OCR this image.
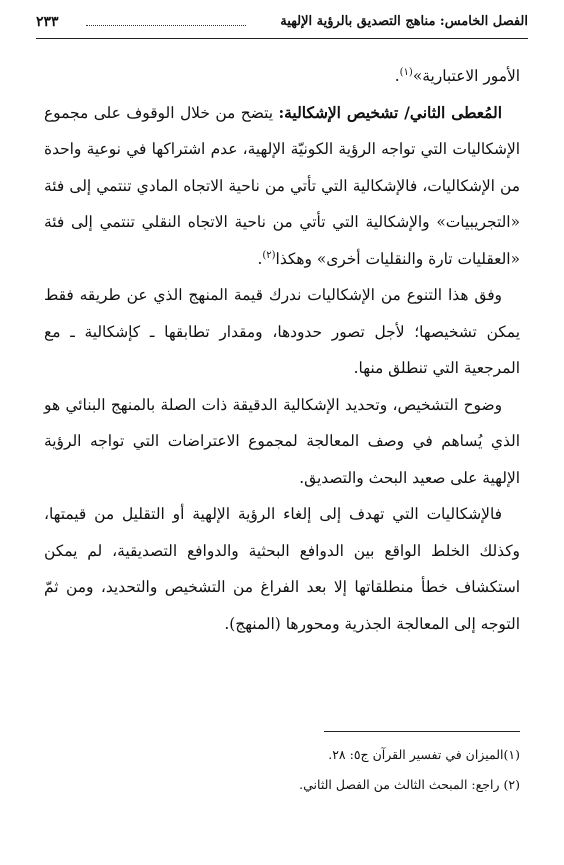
الفصل الخامس: مناهج التصديق بالرؤية الإلهية
٢٣٣

الأمور الاعتبارية»$^{(١)}$.

المُعطى الثاني/ تشخيص الإشكالية: يتضح من خلال الوقوف على مجموع الإشكاليات التي تواجه الرؤية الكونيّة الإلهية، عدم اشتراكها في نوعية واحدة من الإشكاليات، فالإشكالية التي تأتي من ناحية الاتجاه المادي تنتمي إلى فئة «التجريبيات» والإشكالية التي تأتي من ناحية الاتجاه النقلي تنتمي إلى فئة «العقليات تارة والنقليات أخرى» وهكذا$^{(٢)}$.

وفق هذا التنوع من الإشكاليات ندرك قيمة المنهج الذي عن طريقه فقط يمكن تشخيصها؛ لأجل تصور حدودها، ومقدار تطابقها ـ كإشكالية ـ مع المرجعية التي تنطلق منها.

وضوح التشخيص، وتحديد الإشكالية الدقيقة ذات الصلة بالمنهج البنائي هو الذي يُساهم في وصف المعالجة لمجموع الاعتراضات التي تواجه الرؤية الإلهية على صعيد البحث والتصديق.

فالإشكاليات التي تهدف إلى إلغاء الرؤية الإلهية أو التقليل من قيمتها، وكذلك الخلط الواقع بين الدوافع البحثية والدوافع التصديقية، لم يمكن استكشاف خطأ منطلقاتها إلا بعد الفراغ من التشخيص والتحديد، ومن ثمّ التوجه إلى المعالجة الجذرية ومحورها (المنهج).

(١)الميزان في تفسير القرآن ج٥: ٢٨.

(٢) راجع: المبحث الثالث من الفصل الثاني.
